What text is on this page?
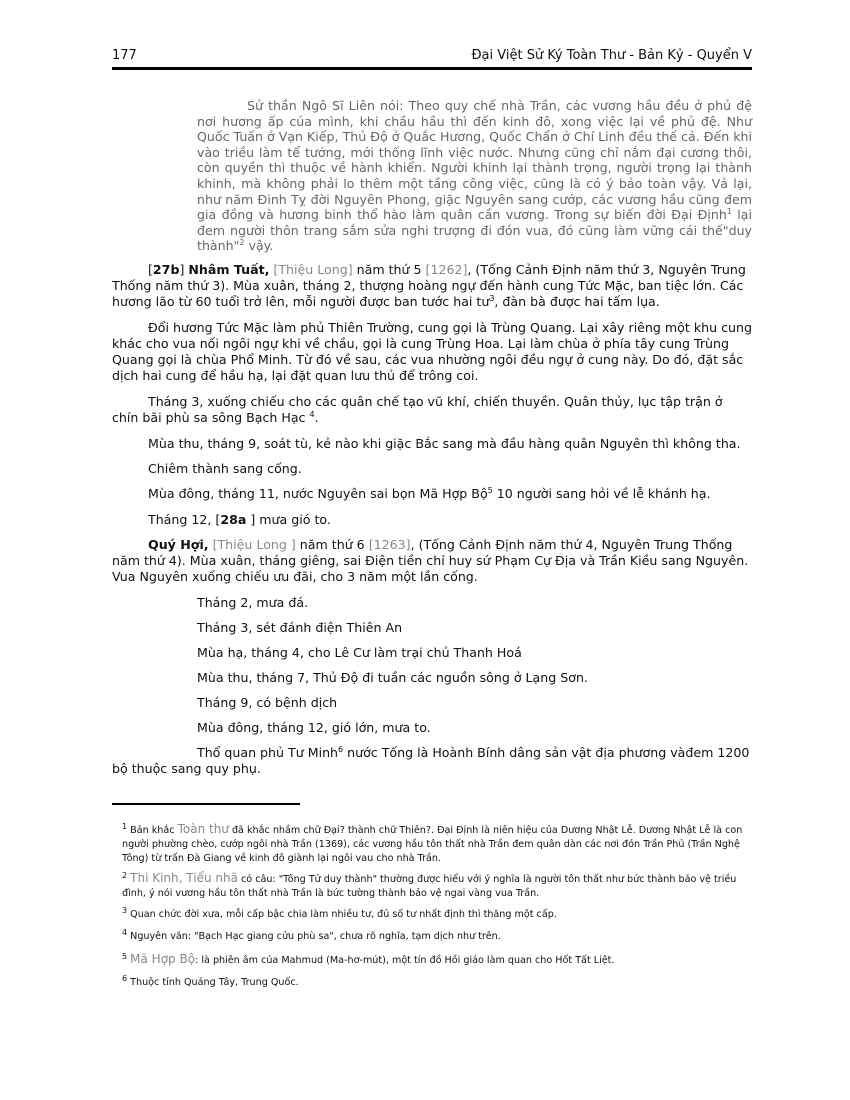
177	Đại Việt Sử Ký Toàn Thư - Bản Kỷ - Quyển V
Sử thần Ngô Sĩ Liên nói: Theo quy chế nhà Trần, các vương hầu đều ở phủ đệ nơi hương ấp của mình, khi chầu hầu thì đến kinh đô, xong việc lại về phủ đệ. Như Quốc Tuấn ở Vạn Kiếp, Thủ Độ ở Quắc Hương, Quốc Chẩn ở Chí Linh đều thế cả. Đến khi vào triều làm tể tướng, mới thống lĩnh việc nước. Nhưng cũng chỉ nắm đại cương thôi, còn quyền thì thuộc về hành khiển. Người khinh lại thành trọng, người trọng lại thành khinh, mà không phải lo thêm một tầng công việc, cũng là có ý bảo toàn vậy. Vả lại, như năm Đinh Tỵ đời Nguyên Phong, giặc Nguyên sang cướp, các vương hầu cũng đem gia đồng và hương binh thổ hào làm quân cần vương. Trong sự biến đời Đại Định$^1$ lại đem người thôn trang sắm sửa nghi trượng đi đón vua, đó cũng làm vững cái thế"duy thành"$^2$ vậy.

[27b] Nhâm Tuất, [Thiệu Long] năm thứ 5 [1262], (Tống Cảnh Định năm thứ 3, Nguyên Trung Thống năm thứ 3). Mùa xuân, tháng 2, thượng hoàng ngự đến hành cung Tức Mặc, ban tiệc lớn. Các hương lão từ 60 tuổi trở lên, mỗi người được ban tước hai $tư^3$, đàn bà được hai tấm lụa.

Đổi hương Tức Mặc làm phủ Thiên Trường, cung gọi là Trùng Quang. Lại xây riêng một khu cung khác cho vua nối ngôi ngự khi về chầu, gọi là cung Trùng Hoa. Lại làm chùa ở phía tây cung Trùng Quang gọi là chùa Phổ Minh. Từ đó về sau, các vua nhường ngôi đều ngự ở cung này. Do đó, đặt sắc dịch hai cung để hầu hạ, lại đặt quan lưu thủ để trông coi.

Tháng 3, xuống chiếu cho các quân chế tạo vũ khí, chiến thuyền. Quân thủy, lục tập trận ở chín bãi phù sa sông Bạch Hạc $^4$.

Mùa thu, tháng 9, soát tù, kẻ nào khi giặc Bắc sang mà đầu hàng quân Nguyên thì không tha.

Chiêm thành sang cống.

Mùa đông, tháng 11, nước Nguyên sai bọn Mã Hợp Bộ$^5$ 10 người sang hỏi về lễ khánh hạ.

Tháng 12, [28a ] mưa gió to.

Quý Hợi, [Thiệu Long ] năm thứ 6 [1263], (Tống Cảnh Định năm thứ 4, Nguyên Trung Thống năm thứ 4). Mùa xuân, tháng giêng, sai Điện tiền chỉ huy sứ Phạm Cự Địa và Trần Kiều sang Nguyên. Vua Nguyên xuống chiếu ưu đãi, cho 3 năm một lần cống.

Tháng 2, mưa đá.
Tháng 3, sét đánh điện Thiên An
Mùa hạ, tháng 4, cho Lê Cư làm trại chủ Thanh Hoá
Mùa thu, tháng 7, Thủ Độ đi tuần các nguồn sông ở Lạng Sơn.
Tháng 9, có bệnh dịch
Mùa đông, tháng 12, gió lớn, mưa to.

Thổ quan phủ Tư Minh$^6$ nước Tống là Hoành Bính dâng sản vật địa phương vàđem 1200 bộ thuộc sang quy phụ.

$^1$ Bản khắc Toàn thư đã khắc nhầm chữ Đại? thành chữ Thiên?. Đại Định là niên hiệu của Dương Nhật Lễ. Dương Nhật Lễ là con người phường chèo, cướp ngôi nhà Trần (1369), các vương hầu tôn thất nhà Trần đem quân dàn các nơi đón Trần Phủ (Trần Nghệ Tông) từ trấn Đà Giang về kinh đô giành lại ngôi vau cho nhà Trần.
$^2$ Thi Kinh, Tiểu nhã có câu: "Tông Tử duy thành" thường được hiểu với ý nghĩa là người tôn thất như bức thành bảo vệ triều đình, ý nói vương hầu tôn thất nhà Trần là bức tường thành bảo vệ ngai vàng vua Trần.
$^3$ Quan chức đời xưa, mỗi cấp bậc chia làm nhiều tư, đủ số tư nhất định thì thăng một cấp.
$^4$ Nguyên văn: "Bạch Hạc giang cửu phù sa", chưa rõ nghĩa, tạm dịch như trên.
$^5$ Mã Hợp Bộ: là phiên âm của Mahmud (Ma-hơ-mút), một tín đồ Hồi giáo làm quan cho Hốt Tất Liệt.
$^6$ Thuộc tỉnh Quảng Tây, Trung Quốc.
